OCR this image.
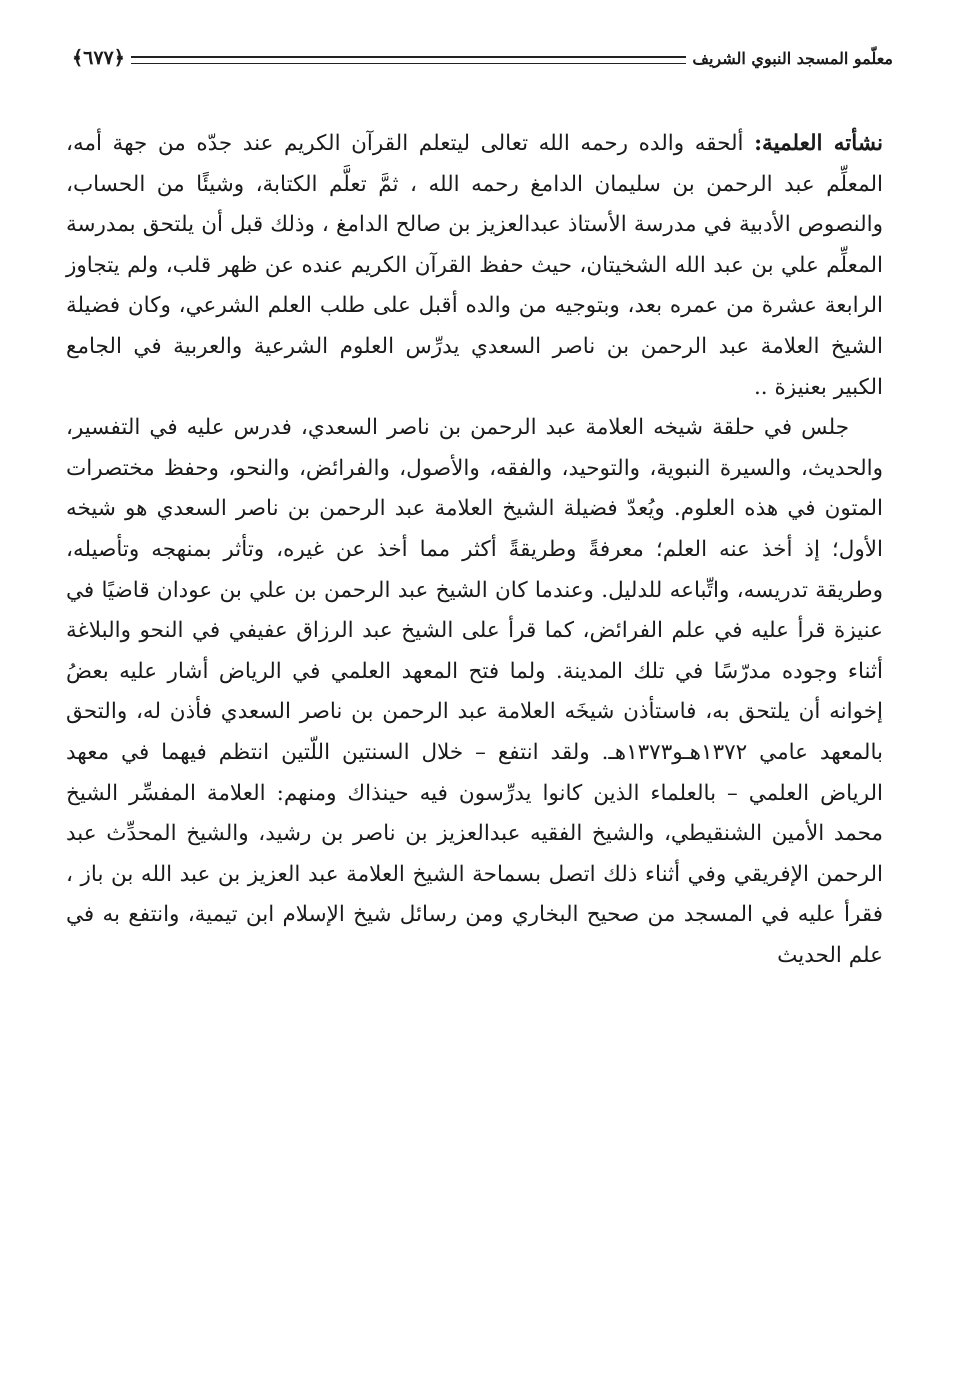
معلّمو المسجد النبوي الشريف
﴿٦٧٧﴾

نشأته العلمية: ألحقه والده رحمه الله تعالى ليتعلم القرآن الكريم عند جدّه من جهة أمه، المعلِّم عبد الرحمن بن سليمان الدامغ رحمه الله ، ثمَّ تعلَّم الكتابة، وشيئًا من الحساب، والنصوص الأدبية في مدرسة الأستاذ عبدالعزيز بن صالح الدامغ ، وذلك قبل أن يلتحق بمدرسة المعلِّم علي بن عبد الله الشخيتان، حيث حفظ القرآن الكريم عنده عن ظهر قلب، ولم يتجاوز الرابعة عشرة من عمره بعد، وبتوجيه من والده أقبل على طلب العلم الشرعي، وكان فضيلة الشيخ العلامة عبد الرحمن بن ناصر السعدي يدرِّس العلوم الشرعية والعربية في الجامع الكبير بعنيزة ..

جلس في حلقة شيخه العلامة عبد الرحمن بن ناصر السعدي، فدرس عليه في التفسير، والحديث، والسيرة النبوية، والتوحيد، والفقه، والأصول، والفرائض، والنحو، وحفظ مختصرات المتون في هذه العلوم. ويُعدّ فضيلة الشيخ العلامة عبد الرحمن بن ناصر السعدي هو شيخه الأول؛ إذ أخذ عنه العلم؛ معرفةً وطريقةً أكثر مما أخذ عن غيره، وتأثر بمنهجه وتأصيله، وطريقة تدريسه، واتِّباعه للدليل. وعندما كان الشيخ عبد الرحمن بن علي بن عودان قاضيًا في عنيزة قرأ عليه في علم الفرائض، كما قرأ على الشيخ عبد الرزاق عفيفي في النحو والبلاغة أثناء وجوده مدرّسًا في تلك المدينة. ولما فتح المعهد العلمي في الرياض أشار عليه بعضُ إخوانه أن يلتحق به، فاستأذن شيخَه العلامة عبد الرحمن بن ناصر السعدي فأذن له، والتحق بالمعهد عامي ١٣٧٢هـو١٣٧٣هـ. ولقد انتفع – خلال السنتين اللّتين انتظم فيهما في معهد الرياض العلمي – بالعلماء الذين كانوا يدرِّسون فيه حينذاك ومنهم: العلامة المفسِّر الشيخ محمد الأمين الشنقيطي، والشيخ الفقيه عبدالعزيز بن ناصر بن رشيد، والشيخ المحدِّث عبد الرحمن الإفريقي وفي أثناء ذلك اتصل بسماحة الشيخ العلامة عبد العزيز بن عبد الله بن باز ، فقرأ عليه في المسجد من صحيح البخاري ومن رسائل شيخ الإسلام ابن تيمية، وانتفع به في علم الحديث
